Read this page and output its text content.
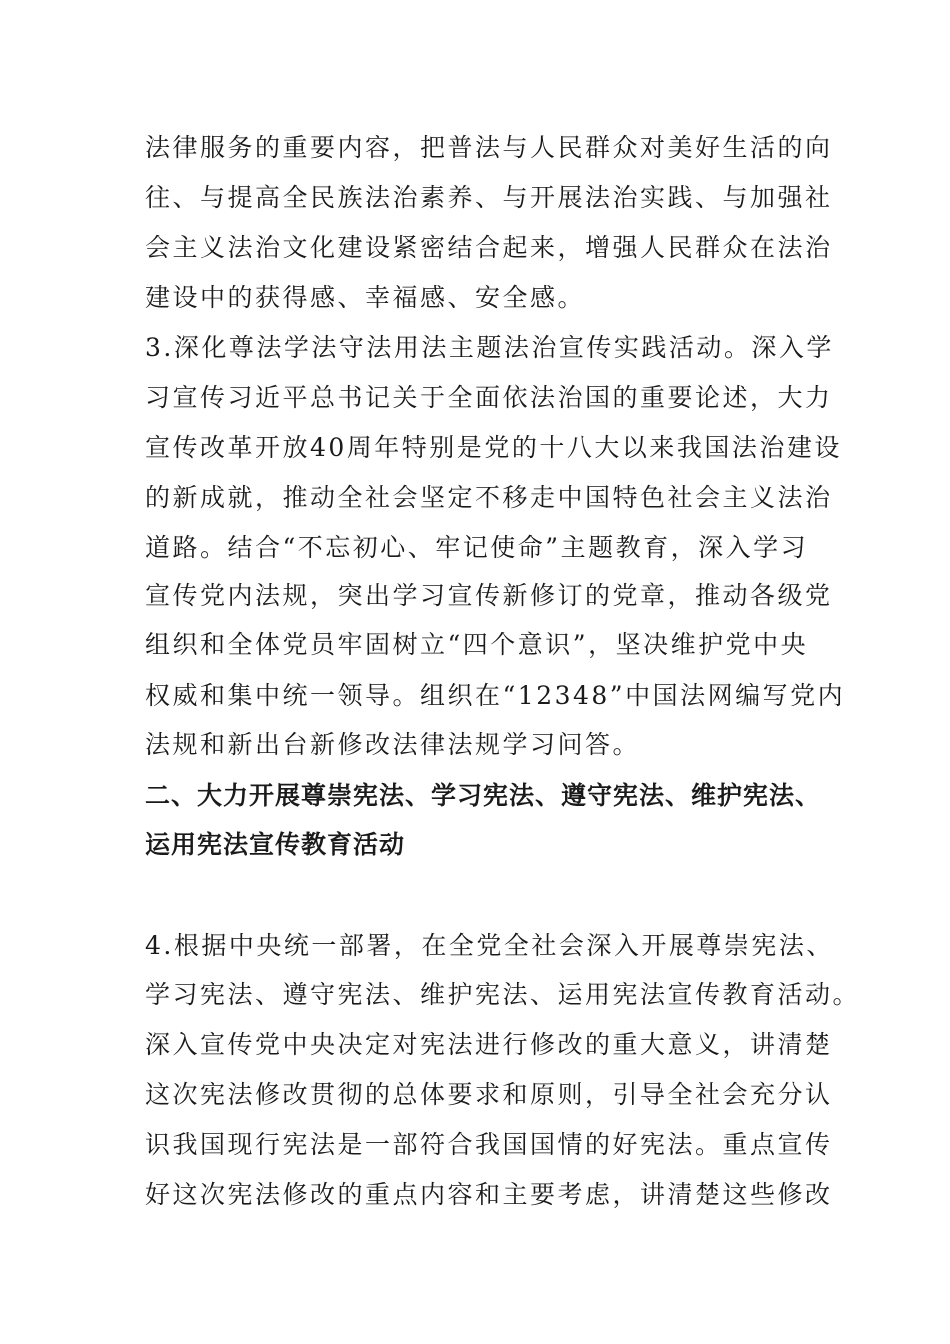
法律服务的重要内容，把普法与人民群众对美好生活的向
往、与提高全民族法治素养、与开展法治实践、与加强社
会主义法治文化建设紧密结合起来，增强人民群众在法治
建设中的获得感、幸福感、安全感。
3.深化尊法学法守法用法主题法治宣传实践活动。深入学
习宣传习近平总书记关于全面依法治国的重要论述，大力
宣传改革开放40周年特别是党的十八大以来我国法治建设
的新成就，推动全社会坚定不移走中国特色社会主义法治
道路。结合“不忘初心、牢记使命”主题教育，深入学习
宣传党内法规，突出学习宣传新修订的党章，推动各级党
组织和全体党员牢固树立“四个意识”，坚决维护党中央
权威和集中统一领导。组织在“12348”中国法网编写党内
法规和新出台新修改法律法规学习问答。
二、大力开展尊崇宪法、学习宪法、遵守宪法、维护宪法、
运用宪法宣传教育活动
4.根据中央统一部署，在全党全社会深入开展尊崇宪法、
学习宪法、遵守宪法、维护宪法、运用宪法宣传教育活动。
深入宣传党中央决定对宪法进行修改的重大意义，讲清楚
这次宪法修改贯彻的总体要求和原则，引导全社会充分认
识我国现行宪法是一部符合我国国情的好宪法。重点宣传
好这次宪法修改的重点内容和主要考虑，讲清楚这些修改
